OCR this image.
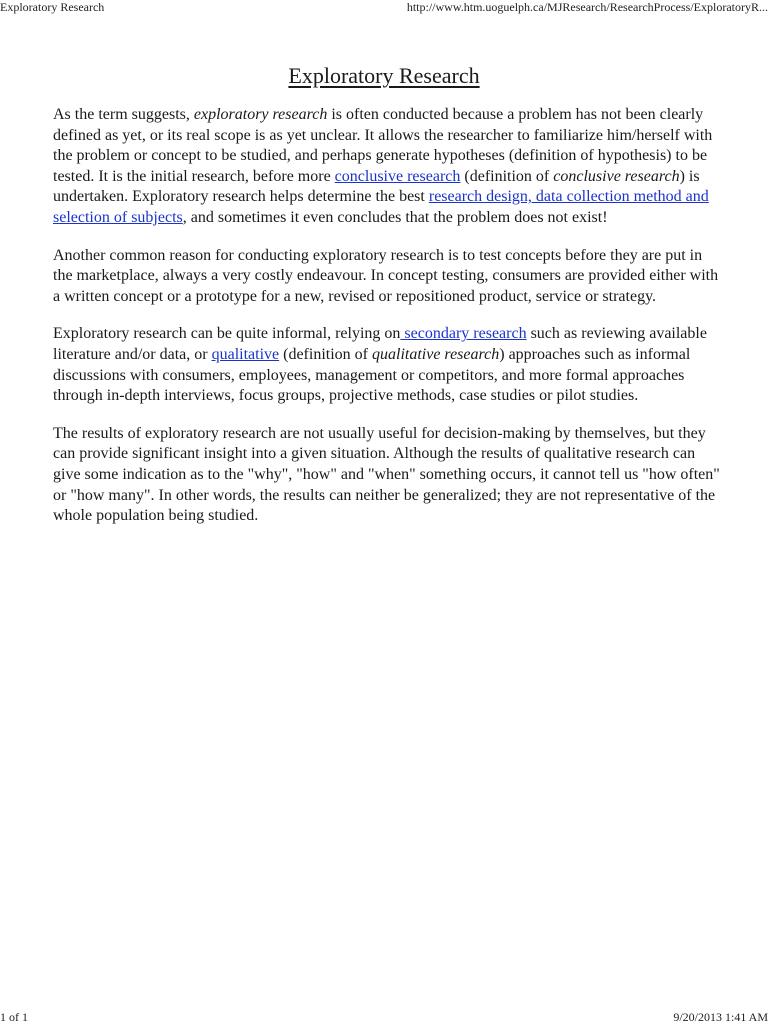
Exploratory Research	http://www.htm.uoguelph.ca/MJResearch/ResearchProcess/ExploratoryR...
Exploratory Research

As the term suggests, exploratory research is often conducted because a problem has not been clearly defined as yet, or its real scope is as yet unclear. It allows the researcher to familiarize him/herself with the problem or concept to be studied, and perhaps generate hypotheses (definition of hypothesis) to be tested. It is the initial research, before more conclusive research (definition of conclusive research) is undertaken. Exploratory research helps determine the best research design, data collection method and selection of subjects, and sometimes it even concludes that the problem does not exist!

Another common reason for conducting exploratory research is to test concepts before they are put in the marketplace, always a very costly endeavour. In concept testing, consumers are provided either with a written concept or a prototype for a new, revised or repositioned product, service or strategy.

Exploratory research can be quite informal, relying on secondary research such as reviewing available literature and/or data, or qualitative (definition of qualitative research) approaches such as informal discussions with consumers, employees, management or competitors, and more formal approaches through in-depth interviews, focus groups, projective methods, case studies or pilot studies.

The results of exploratory research are not usually useful for decision-making by themselves, but they can provide significant insight into a given situation. Although the results of qualitative research can give some indication as to the "why", "how" and "when" something occurs, it cannot tell us "how often" or "how many". In other words, the results can neither be generalized; they are not representative of the whole population being studied.

1 of 1	9/20/2013 1:41 AM
